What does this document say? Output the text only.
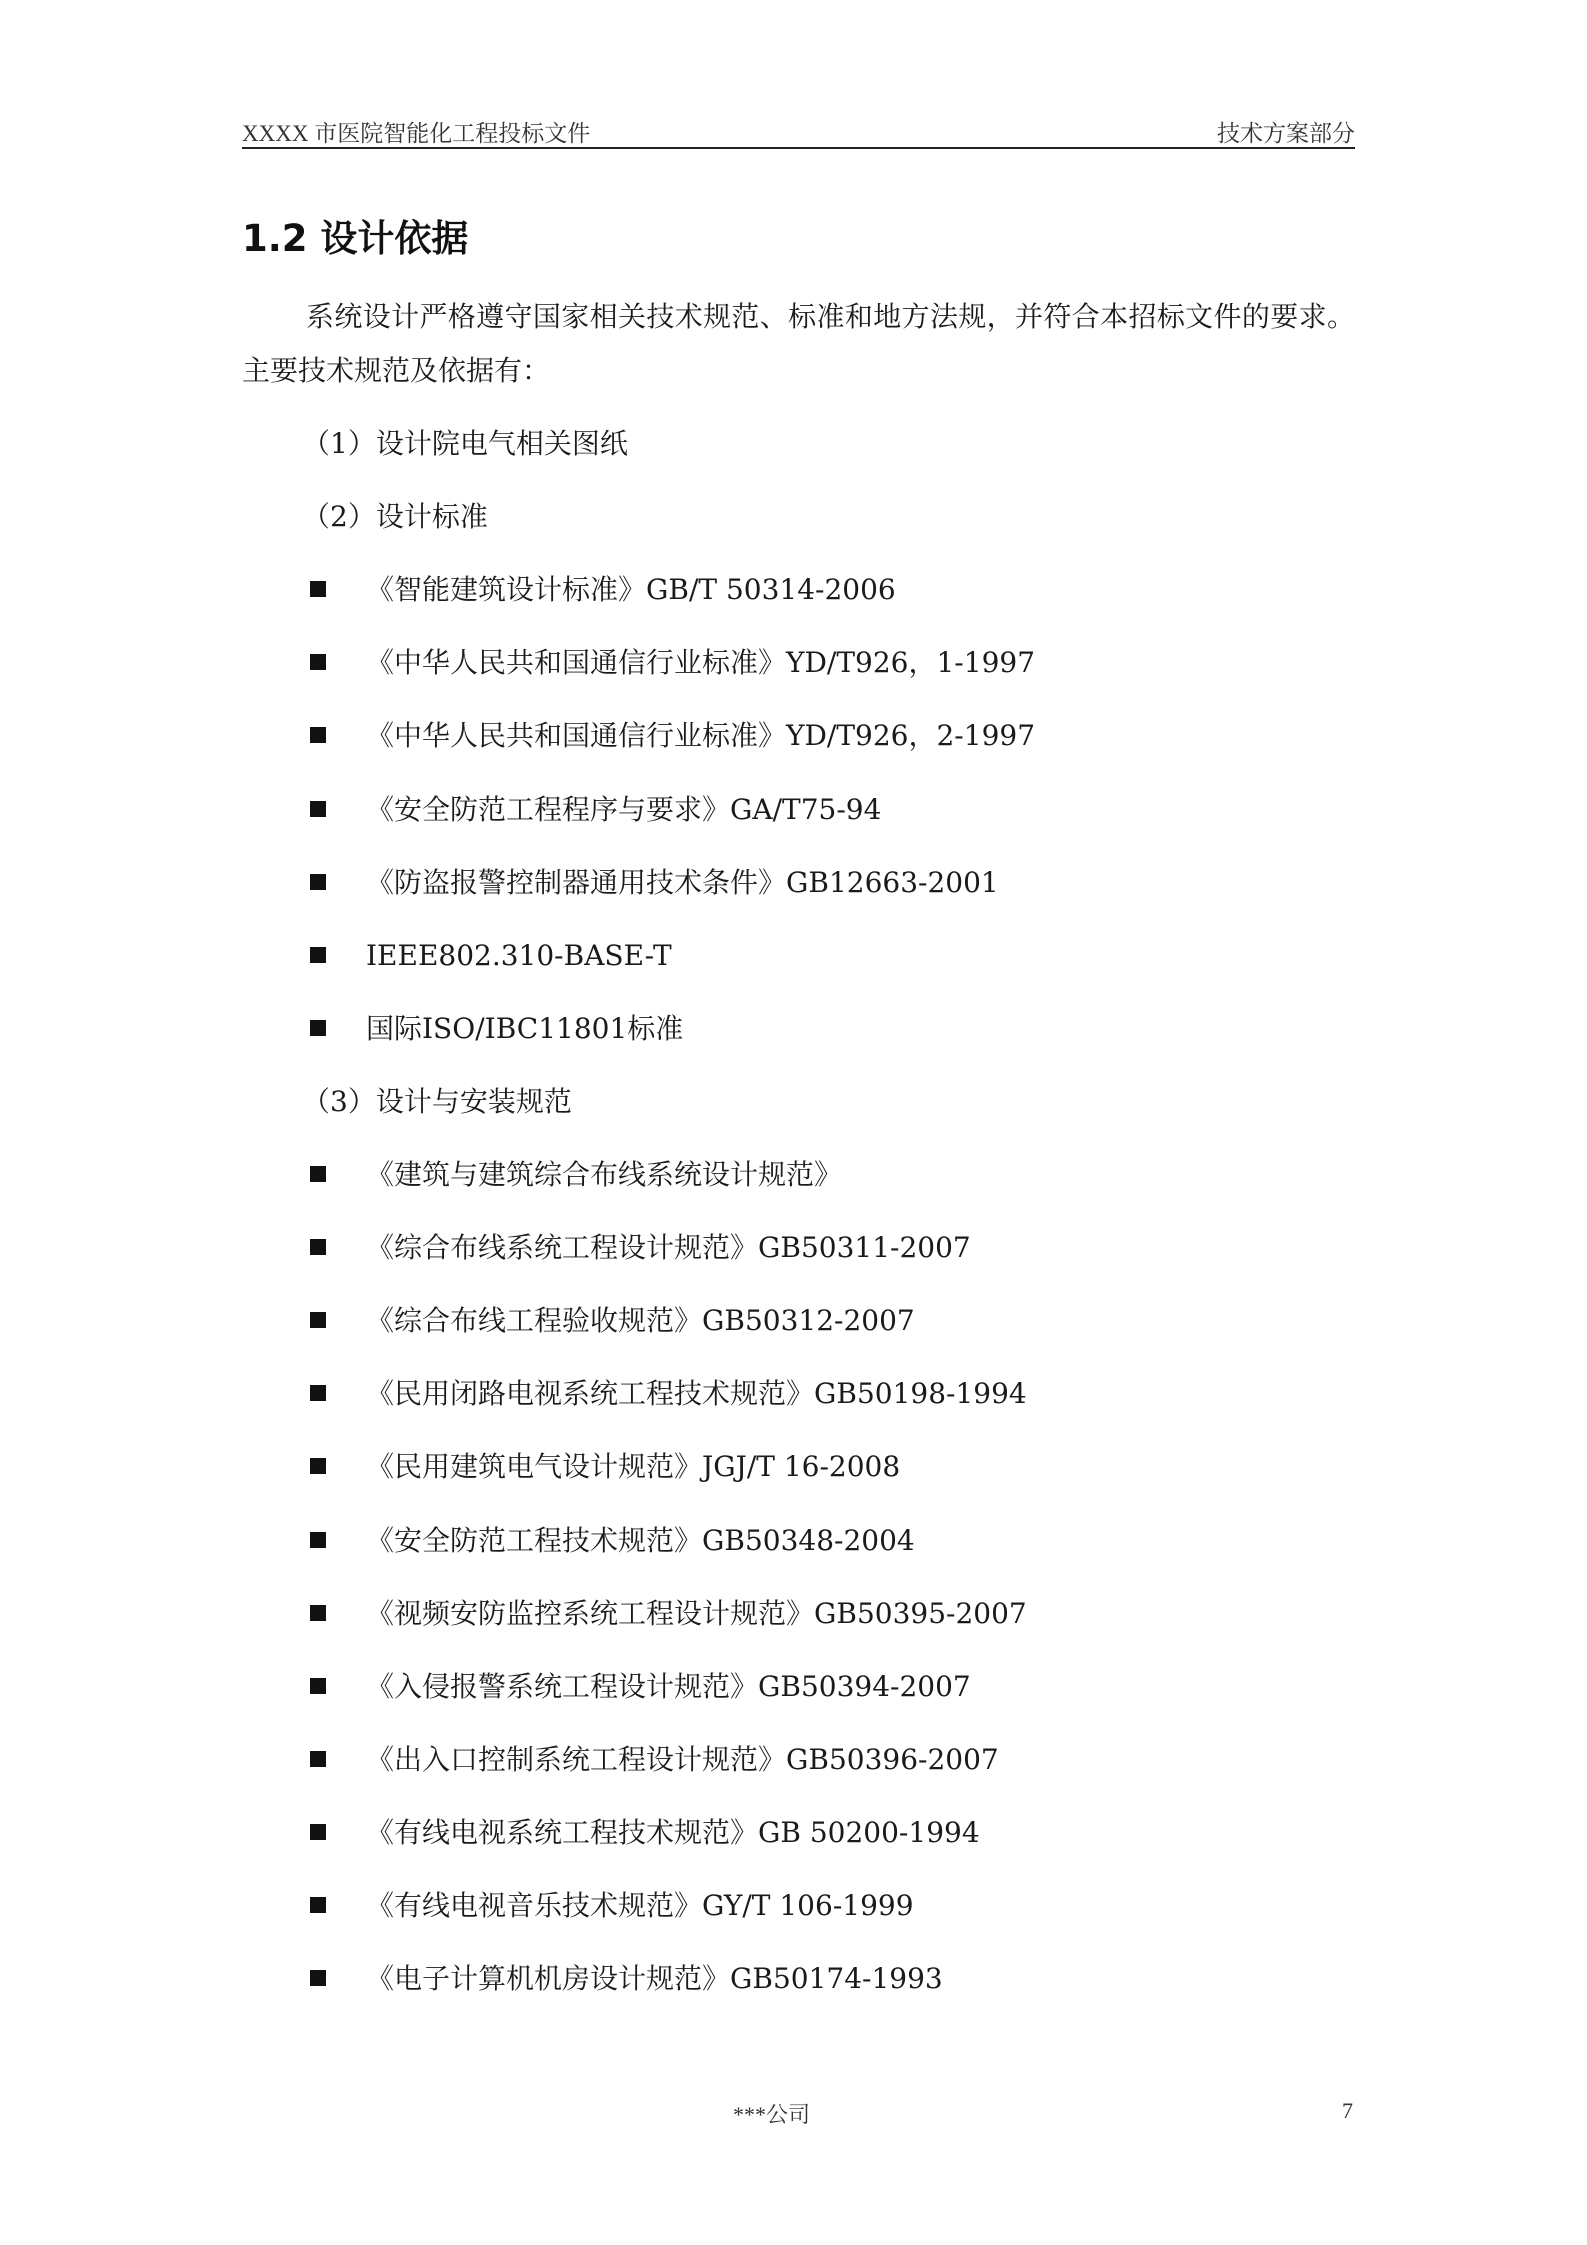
XXXX 市医院智能化工程投标文件	技术方案部分
1.2 设计依据

系统设计严格遵守国家相关技术规范、标准和地方法规，并符合本招标文件的要求。主要技术规范及依据有：

（1）设计院电气相关图纸
（2）设计标准
《智能建筑设计标准》GB/T 50314-2006
《中华人民共和国通信行业标准》YD/T926，1-1997
《中华人民共和国通信行业标准》YD/T926，2-1997
《安全防范工程程序与要求》GA/T75-94
《防盗报警控制器通用技术条件》GB12663-2001
IEEE802.310-BASE-T
国际ISO/IBC11801标准
（3）设计与安装规范
《建筑与建筑综合布线系统设计规范》
《综合布线系统工程设计规范》GB50311-2007
《综合布线工程验收规范》GB50312-2007
《民用闭路电视系统工程技术规范》GB50198-1994
《民用建筑电气设计规范》JGJ/T 16-2008
《安全防范工程技术规范》GB50348-2004
《视频安防监控系统工程设计规范》GB50395-2007
《入侵报警系统工程设计规范》GB50394-2007
《出入口控制系统工程设计规范》GB50396-2007
《有线电视系统工程技术规范》GB 50200-1994
《有线电视音乐技术规范》GY/T 106-1999
《电子计算机机房设计规范》GB50174-1993
***公司	7
